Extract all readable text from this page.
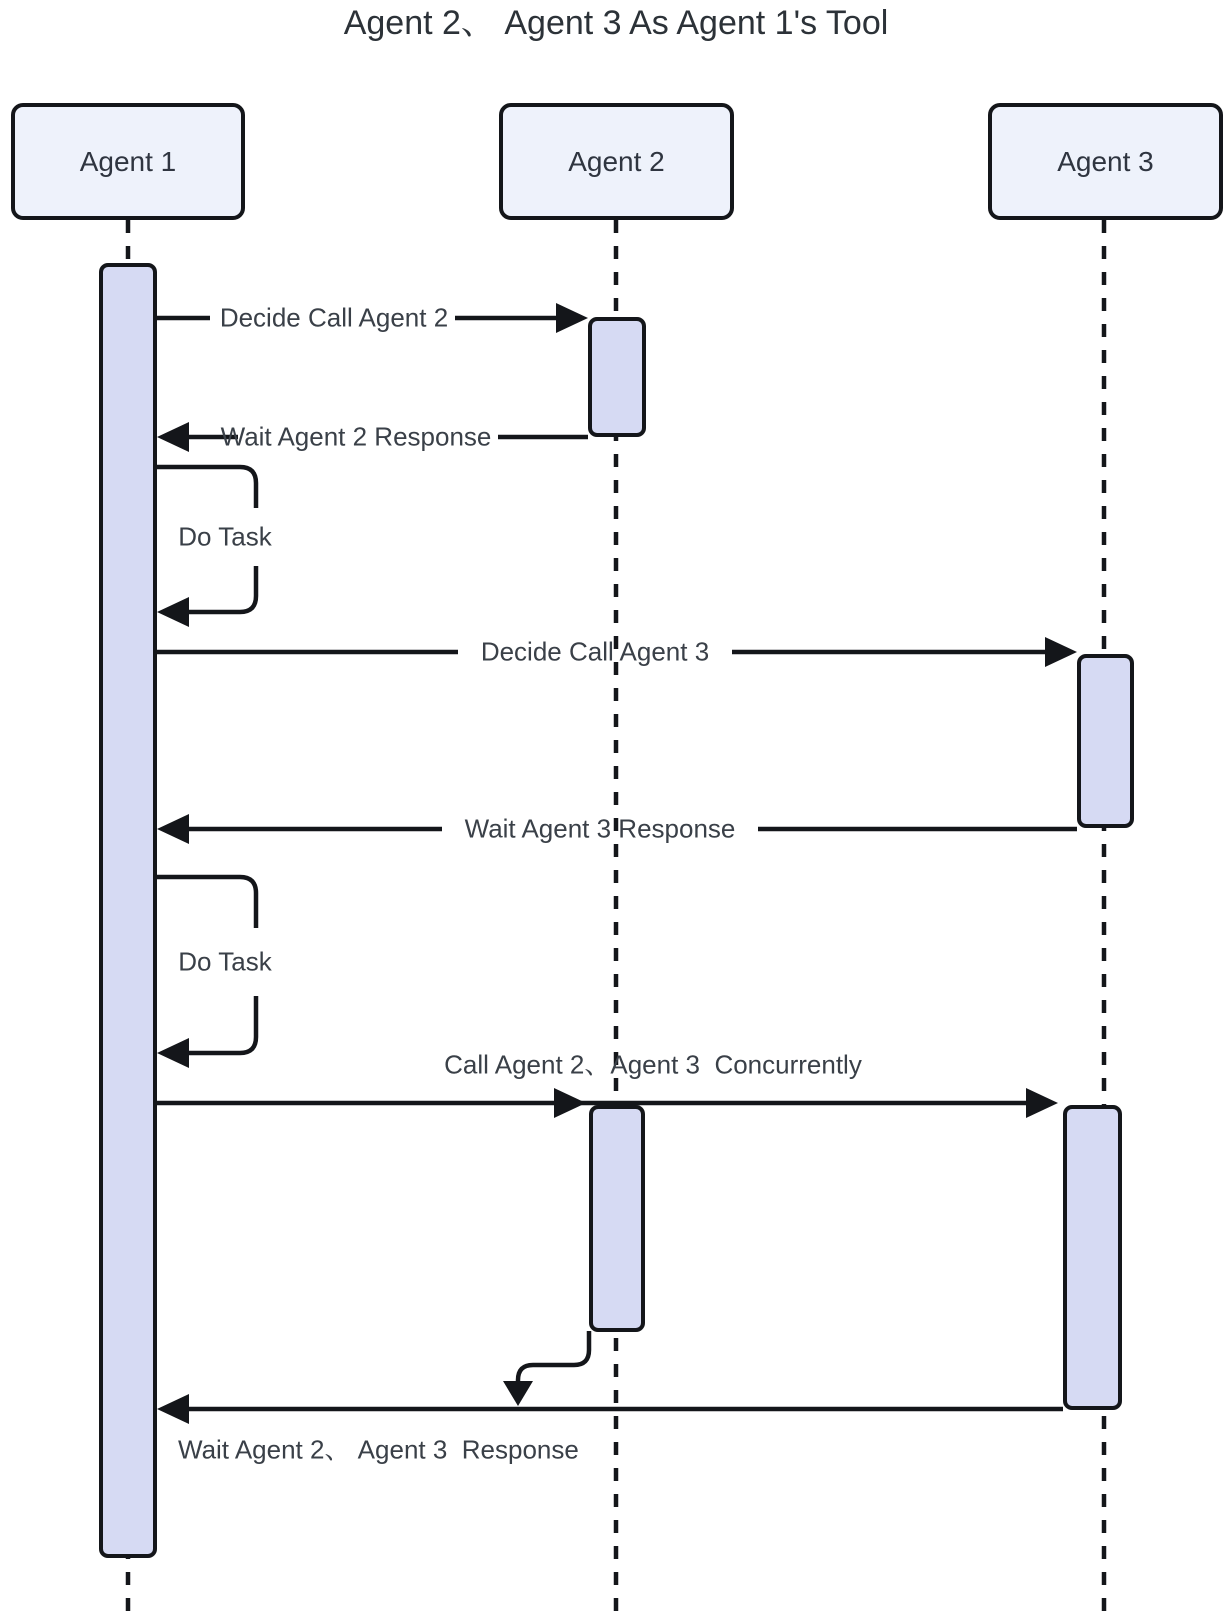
Agent 1	Agent 2	Agent 3
Agent 2、 Agent 3 As Agent 1's Tool
Decide Call Agent 2
Wait Agent 2 Response
Do Task
Decide Call Agent 3
Wait Agent 3 Response
Do Task
Call Agent 2、Agent 3  Concurrently
Wait Agent 2、 Agent 3  Response
